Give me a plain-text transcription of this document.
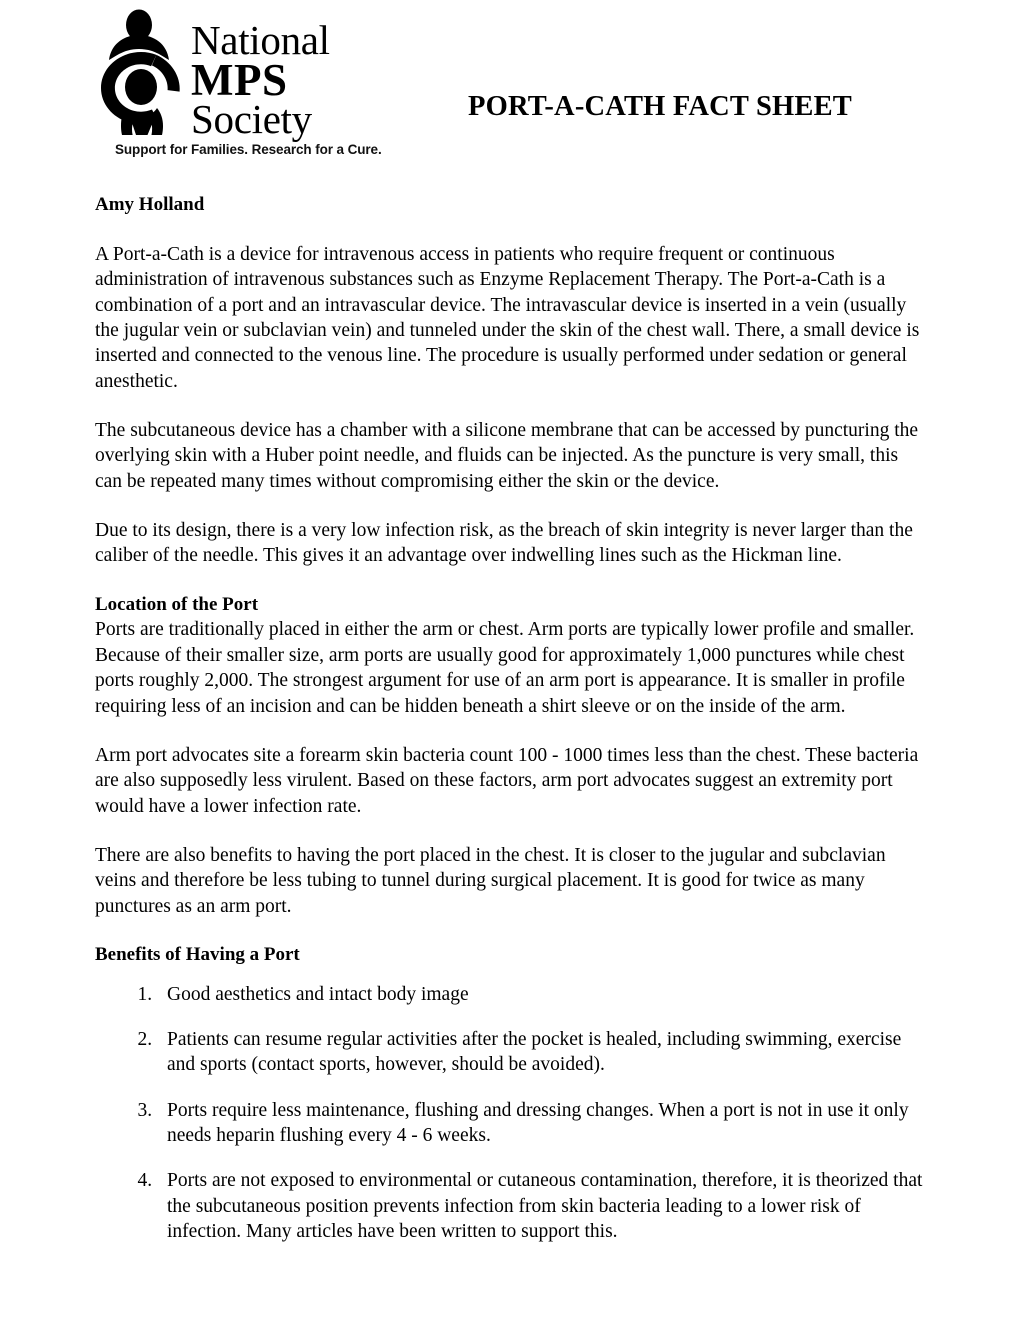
National
MPS
Society
Support for Families. Research for a Cure.
PORT-A-CATH FACT SHEET
Amy Holland

A Port-a-Cath is a device for intravenous access in patients who require frequent or continuous administration of intravenous substances such as Enzyme Replacement Therapy. The Port-a-Cath is a combination of a port and an intravascular device. The intravascular device is inserted in a vein (usually the jugular vein or subclavian vein) and tunneled under the skin of the chest wall. There, a small device is inserted and connected to the venous line. The procedure is usually performed under sedation or general anesthetic.

The subcutaneous device has a chamber with a silicone membrane that can be accessed by puncturing the overlying skin with a Huber point needle, and fluids can be injected. As the puncture is very small, this can be repeated many times without compromising either the skin or the device.

Due to its design, there is a very low infection risk, as the breach of skin integrity is never larger than the caliber of the needle. This gives it an advantage over indwelling lines such as the Hickman line.

Location of the Port

Ports are traditionally placed in either the arm or chest. Arm ports are typically lower profile and smaller. Because of their smaller size, arm ports are usually good for approximately 1,000 punctures while chest ports roughly 2,000. The strongest argument for use of an arm port is appearance. It is smaller in profile requiring less of an incision and can be hidden beneath a shirt sleeve or on the inside of the arm.

Arm port advocates site a forearm skin bacteria count 100 - 1000 times less than the chest. These bacteria are also supposedly less virulent. Based on these factors, arm port advocates suggest an extremity port would have a lower infection rate.

There are also benefits to having the port placed in the chest. It is closer to the jugular and subclavian veins and therefore be less tubing to tunnel during surgical placement. It is good for twice as many punctures as an arm port.

Benefits of Having a Port
1. Good aesthetics and intact body image
2. Patients can resume regular activities after the pocket is healed, including swimming, exercise and sports (contact sports, however, should be avoided).
3. Ports require less maintenance, flushing and dressing changes. When a port is not in use it only needs heparin flushing every 4 - 6 weeks.
4. Ports are not exposed to environmental or cutaneous contamination, therefore, it is theorized that the subcutaneous position prevents infection from skin bacteria leading to a lower risk of infection. Many articles have been written to support this.
